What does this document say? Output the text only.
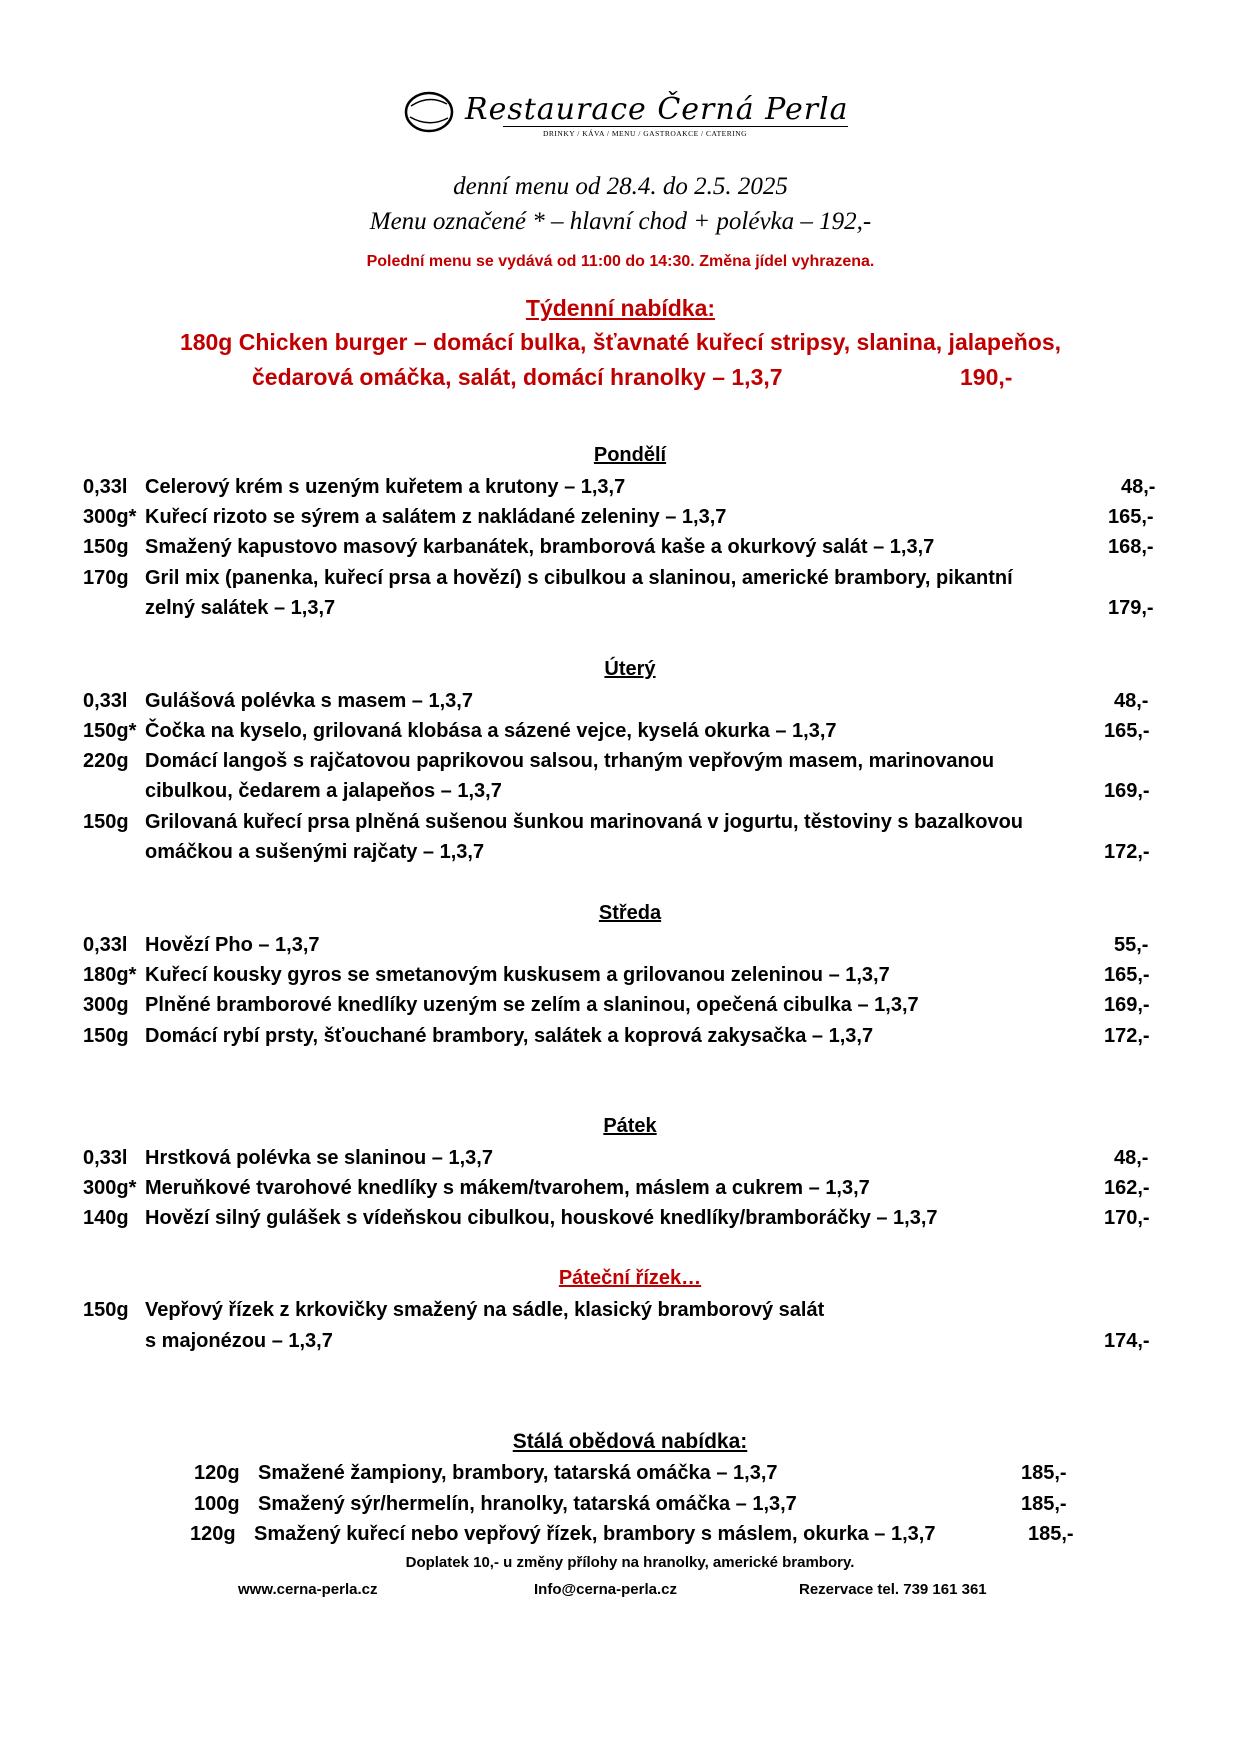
Restaurace Černá Perla
DRINKY / KÁVA / MENU / GASTROAKCE / CATERING
denní menu od 28.4. do 2.5. 2025
Menu označené * – hlavní chod + polévka – 192,-
Polední menu se vydává od 11:00 do 14:30. Změna jídel vyhrazena.
Týdenní nabídka:
180g Chicken burger – domácí bulka, šťavnaté kuřecí stripsy, slanina, jalapeňos,
čedarová omáčka, salát, domácí hranolky – 1,3,7	190,-
Pondělí
0,33l Celerový krém s uzeným kuřetem a krutony – 1,3,7	48,-
300g* Kuřecí rizoto se sýrem a salátem z nakládané zeleniny – 1,3,7	165,-
150g Smažený kapustovo masový karbanátek, bramborová kaše a okurkový salát – 1,3,7	168,-
170g Gril mix (panenka, kuřecí prsa a hovězí) s cibulkou a slaninou, americké brambory, pikantní
zelný salátek – 1,3,7	179,-
Úterý
0,33l Gulášová polévka s masem – 1,3,7	48,-
150g* Čočka na kyselo, grilovaná klobása a sázené vejce, kyselá okurka – 1,3,7	165,-
220g Domácí langoš s rajčatovou paprikovou salsou, trhaným vepřovým masem, marinovanou
cibulkou, čedarem a jalapeňos – 1,3,7	169,-
150g Grilovaná kuřecí prsa plněná sušenou šunkou marinovaná v jogurtu, těstoviny s bazalkovou
omáčkou a sušenými rajčaty – 1,3,7	172,-
Středa
0,33l Hovězí Pho – 1,3,7	55,-
180g* Kuřecí kousky gyros se smetanovým kuskusem a grilovanou zeleninou – 1,3,7	165,-
300g Plněné bramborové knedlíky uzeným se zelím a slaninou, opečená cibulka – 1,3,7	169,-
150g Domácí rybí prsty, šťouchané brambory, salátek a koprová zakysačka – 1,3,7	172,-
Pátek
0,33l Hrstková polévka se slaninou – 1,3,7	48,-
300g* Meruňkové tvarohové knedlíky s mákem/tvarohem, máslem a cukrem – 1,3,7	162,-
140g Hovězí silný gulášek s vídeňskou cibulkou, houskové knedlíky/bramboráčky – 1,3,7	170,-
Páteční řízek…
150g Vepřový řízek z krkovičky smažený na sádle, klasický bramborový salát
s majonézou – 1,3,7	174,-
Stálá obědová nabídka:
120g Smažené žampiony, brambory, tatarská omáčka – 1,3,7	185,-
100g Smažený sýr/hermelín, hranolky, tatarská omáčka – 1,3,7	185,-
120g Smažený kuřecí nebo vepřový řízek, brambory s máslem, okurka – 1,3,7	185,-
Doplatek 10,- u změny přílohy na hranolky, americké brambory.
www.cerna-perla.cz	Info@cerna-perla.cz	Rezervace tel. 739 161 361
